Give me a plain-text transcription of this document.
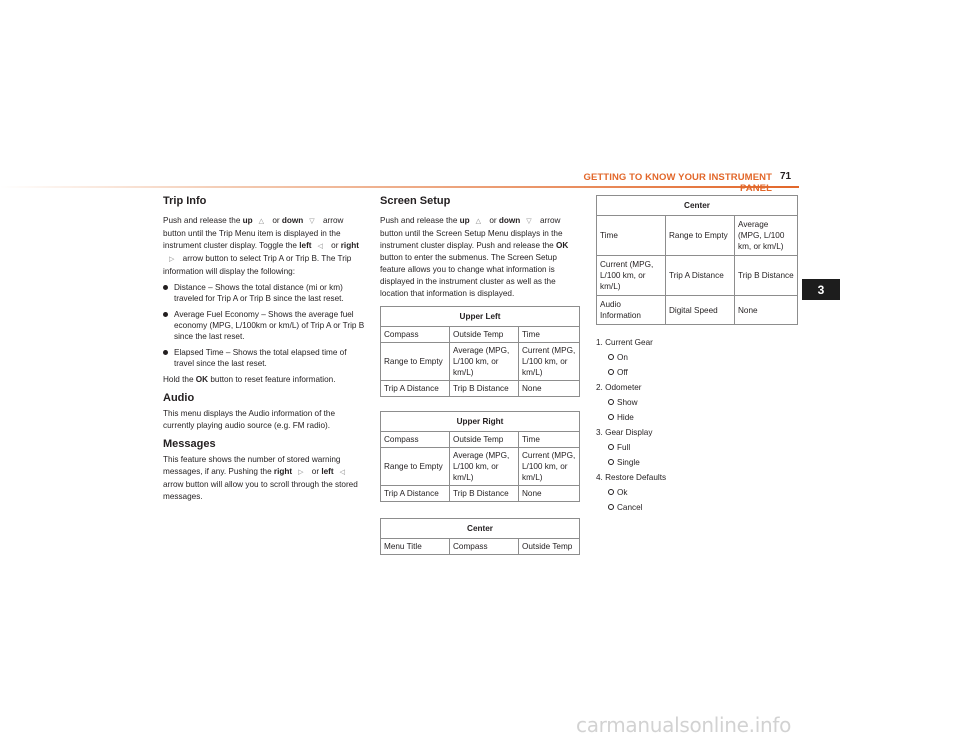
GETTING TO KNOW YOUR INSTRUMENT PANEL
71
3
Trip Info

Push and release the up △ or down ▽ arrow button until the Trip Menu item is displayed in the instrument cluster display. Toggle the left ◁ or right▷ arrow button to select Trip A or Trip B. The Trip information will display the following:

Distance – Shows the total distance (mi or km) traveled for Trip A or Trip B since the last reset.
Average Fuel Economy – Shows the average fuel economy (MPG, L/100km or km/L) of Trip A or Trip B since the last reset.
Elapsed Time – Shows the total elapsed time of travel since the last reset.

Hold the OK button to reset feature information.

Audio

This menu displays the Audio information of the currently playing audio source (e.g. FM radio).

Messages

This feature shows the number of stored warning messages, if any. Pushing the right ▷ or left ◁ arrow button will allow you to scroll through the stored messages.

Screen Setup

Push and release the up △ or down ▽ arrow button until the Screen Setup Menu displays in the instrument cluster display. Push and release the OK button to enter the submenus. The Screen Setup feature allows you to change what information is displayed in the instrument cluster as well as the location that information is displayed.

Upper Left		
Compass	Outside Temp	Time
Range to Empty	Average (MPG, L/100 km, or km/L)	Current (MPG, L/100 km, or km/L)
Trip A Distance	Trip B Distance	None
Upper Right		
Compass	Outside Temp	Time
Range to Empty	Average (MPG, L/100 km, or km/L)	Current (MPG, L/100 km, or km/L)
Trip A Distance	Trip B Distance	None
Center
Menu Title	Compass	Outside Temp
Center		
Time	Range to Empty	Average (MPG, L/100 km, or km/L)
Current (MPG, L/100 km, or km/L)	Trip A Distance	Trip B Distance
Audio Information	Digital Speed	None
1. Current Gear
On
Off
2. Odometer
Show
Hide
3. Gear Display
Full
Single
4. Restore Defaults
Ok
Cancel
carmanualsonline.info
